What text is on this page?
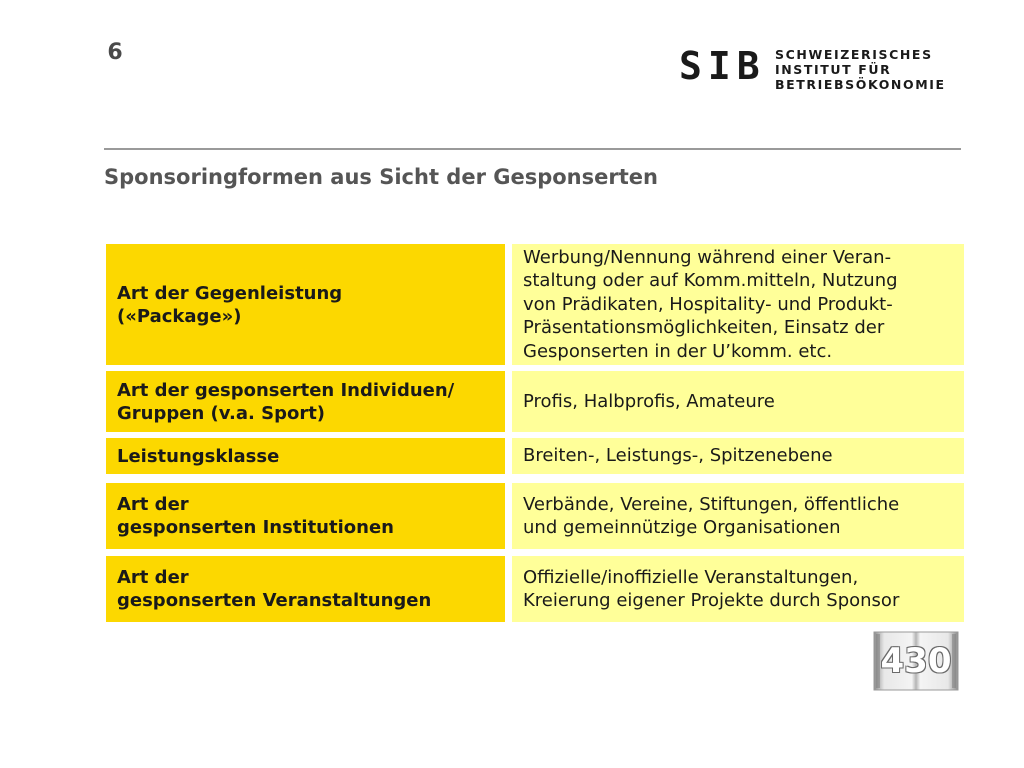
6	SIB SCHWEIZERISCHES
INSTITUT FÜR
BETRIEBSÖKONOMIE
Sponsoringformen aus Sicht der Gesponserten
Art der Gegenleistung
(«Package»)
Werbung/Nennung während einer Veran-
staltung oder auf Komm.mitteln, Nutzung
von Prädikaten, Hospitality- und Produkt-
Präsentationsmöglichkeiten, Einsatz der
Gesponserten in der U’komm. etc.
Art der gesponserten Individuen/
Gruppen (v.a. Sport)
Profis, Halbprofis, Amateure
Leistungsklasse	Breiten-, Leistungs-, Spitzenebene
Art der
gesponserten Institutionen
Verbände, Vereine, Stiftungen, öffentliche
und gemeinnützige Organisationen
Art der
gesponserten Veranstaltungen
Offizielle/inoffizielle Veranstaltungen,
Kreierung eigener Projekte durch Sponsor
430
